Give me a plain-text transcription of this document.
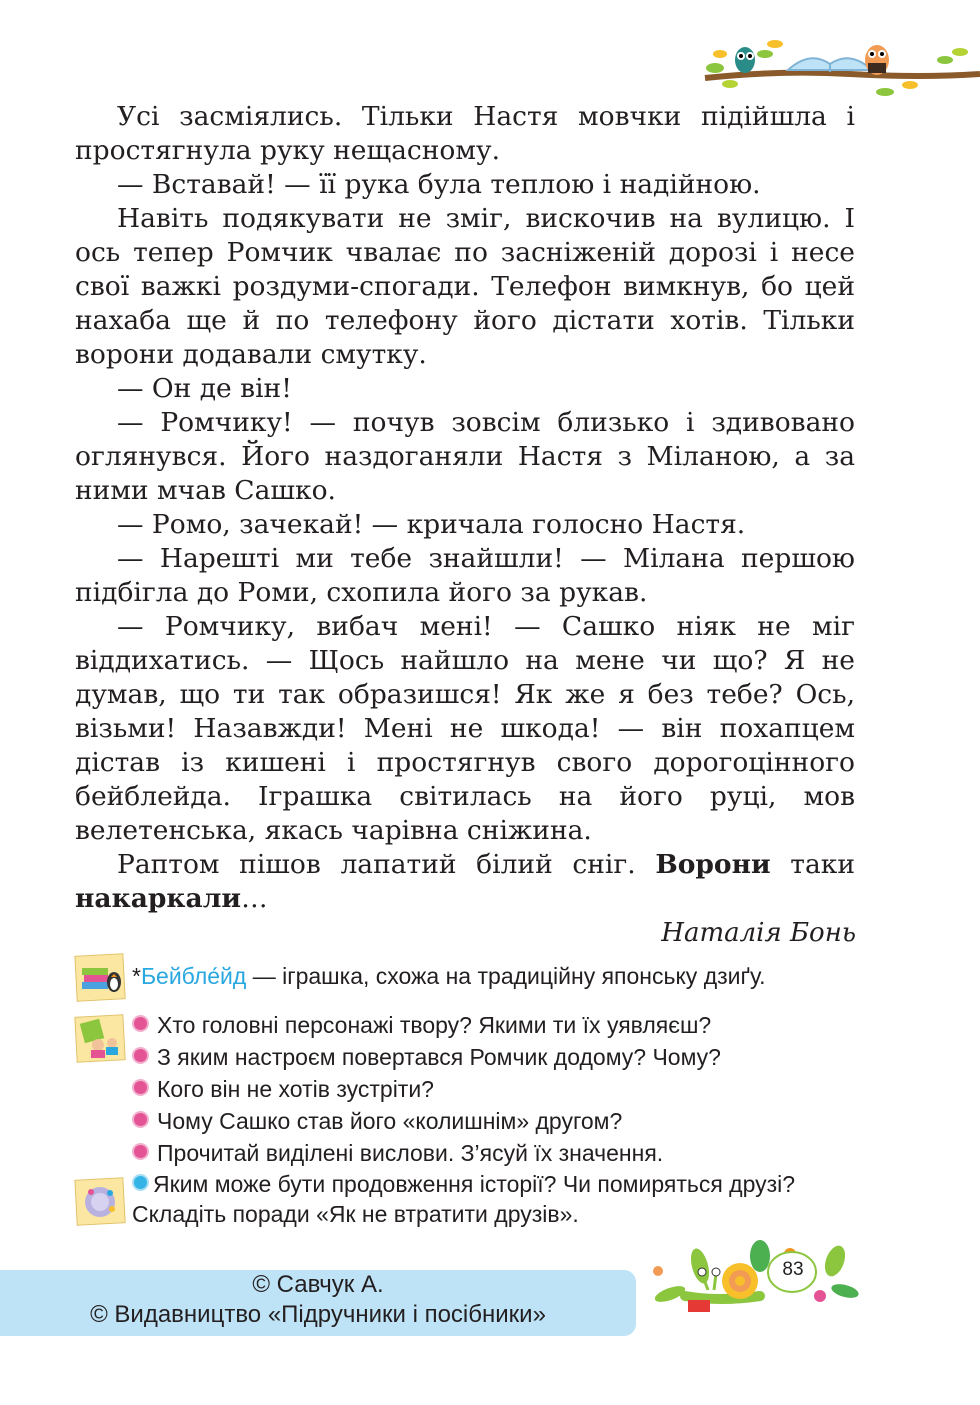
Усі засміялись. Тільки Настя мовчки підійшла і простягнула руку нещасному.

— Вставай! — її рука була теплою і надійною.

Навіть подякувати не зміг, вискочив на вулицю. І ось тепер Ромчик чвалає по засніженій дорозі і несе свої важкі роздуми-спогади. Телефон вимкнув, бо цей нахаба ще й по телефону його дістати хотів. Тільки ворони додавали смутку.

— Он де він!

— Ромчику! — почув зовсім близько і здивовано оглянувся. Його наздоганяли Настя з Міланою, а за ними мчав Сашко.

— Ромо, зачекай! — кричала голосно Настя.

— Нарешті ми тебе знайшли! — Мілана першою підбігла до Роми, схопила його за рукав.

— Ромчику, вибач мені! — Сашко ніяк не міг віддихатись. — Щось найшло на мене чи що? Я не думав, що ти так образишся! Як же я без тебе? Ось, візьми! Назавжди! Мені не шкода! — він похапцем дістав із кишені і простягнув свого дорогоцінного бейблейда. Іграшка світилась на його руці, мов велетенська, якась чарівна сніжина.

Раптом пішов лапатий білий сніг. Ворони таки накаркали…

Наталія Бонь
*Бейбле́йд — іграшка, схожа на традиційну японську дзиґу.
Хто головні персонажі твору? Якими ти їх уявляєш?
З яким настроєм повертався Ромчик додому? Чому?
Кого він не хотів зустріти?
Чому Сашко став його «колишнім» другом?
Прочитай виділені вислови. З’ясуй їх значення.
Яким може бути продовження історії? Чи помиряться друзі?
Складіть поради «Як не втратити друзів».
© Савчук А.
© Видавництво «Підручники і посібники»
83
